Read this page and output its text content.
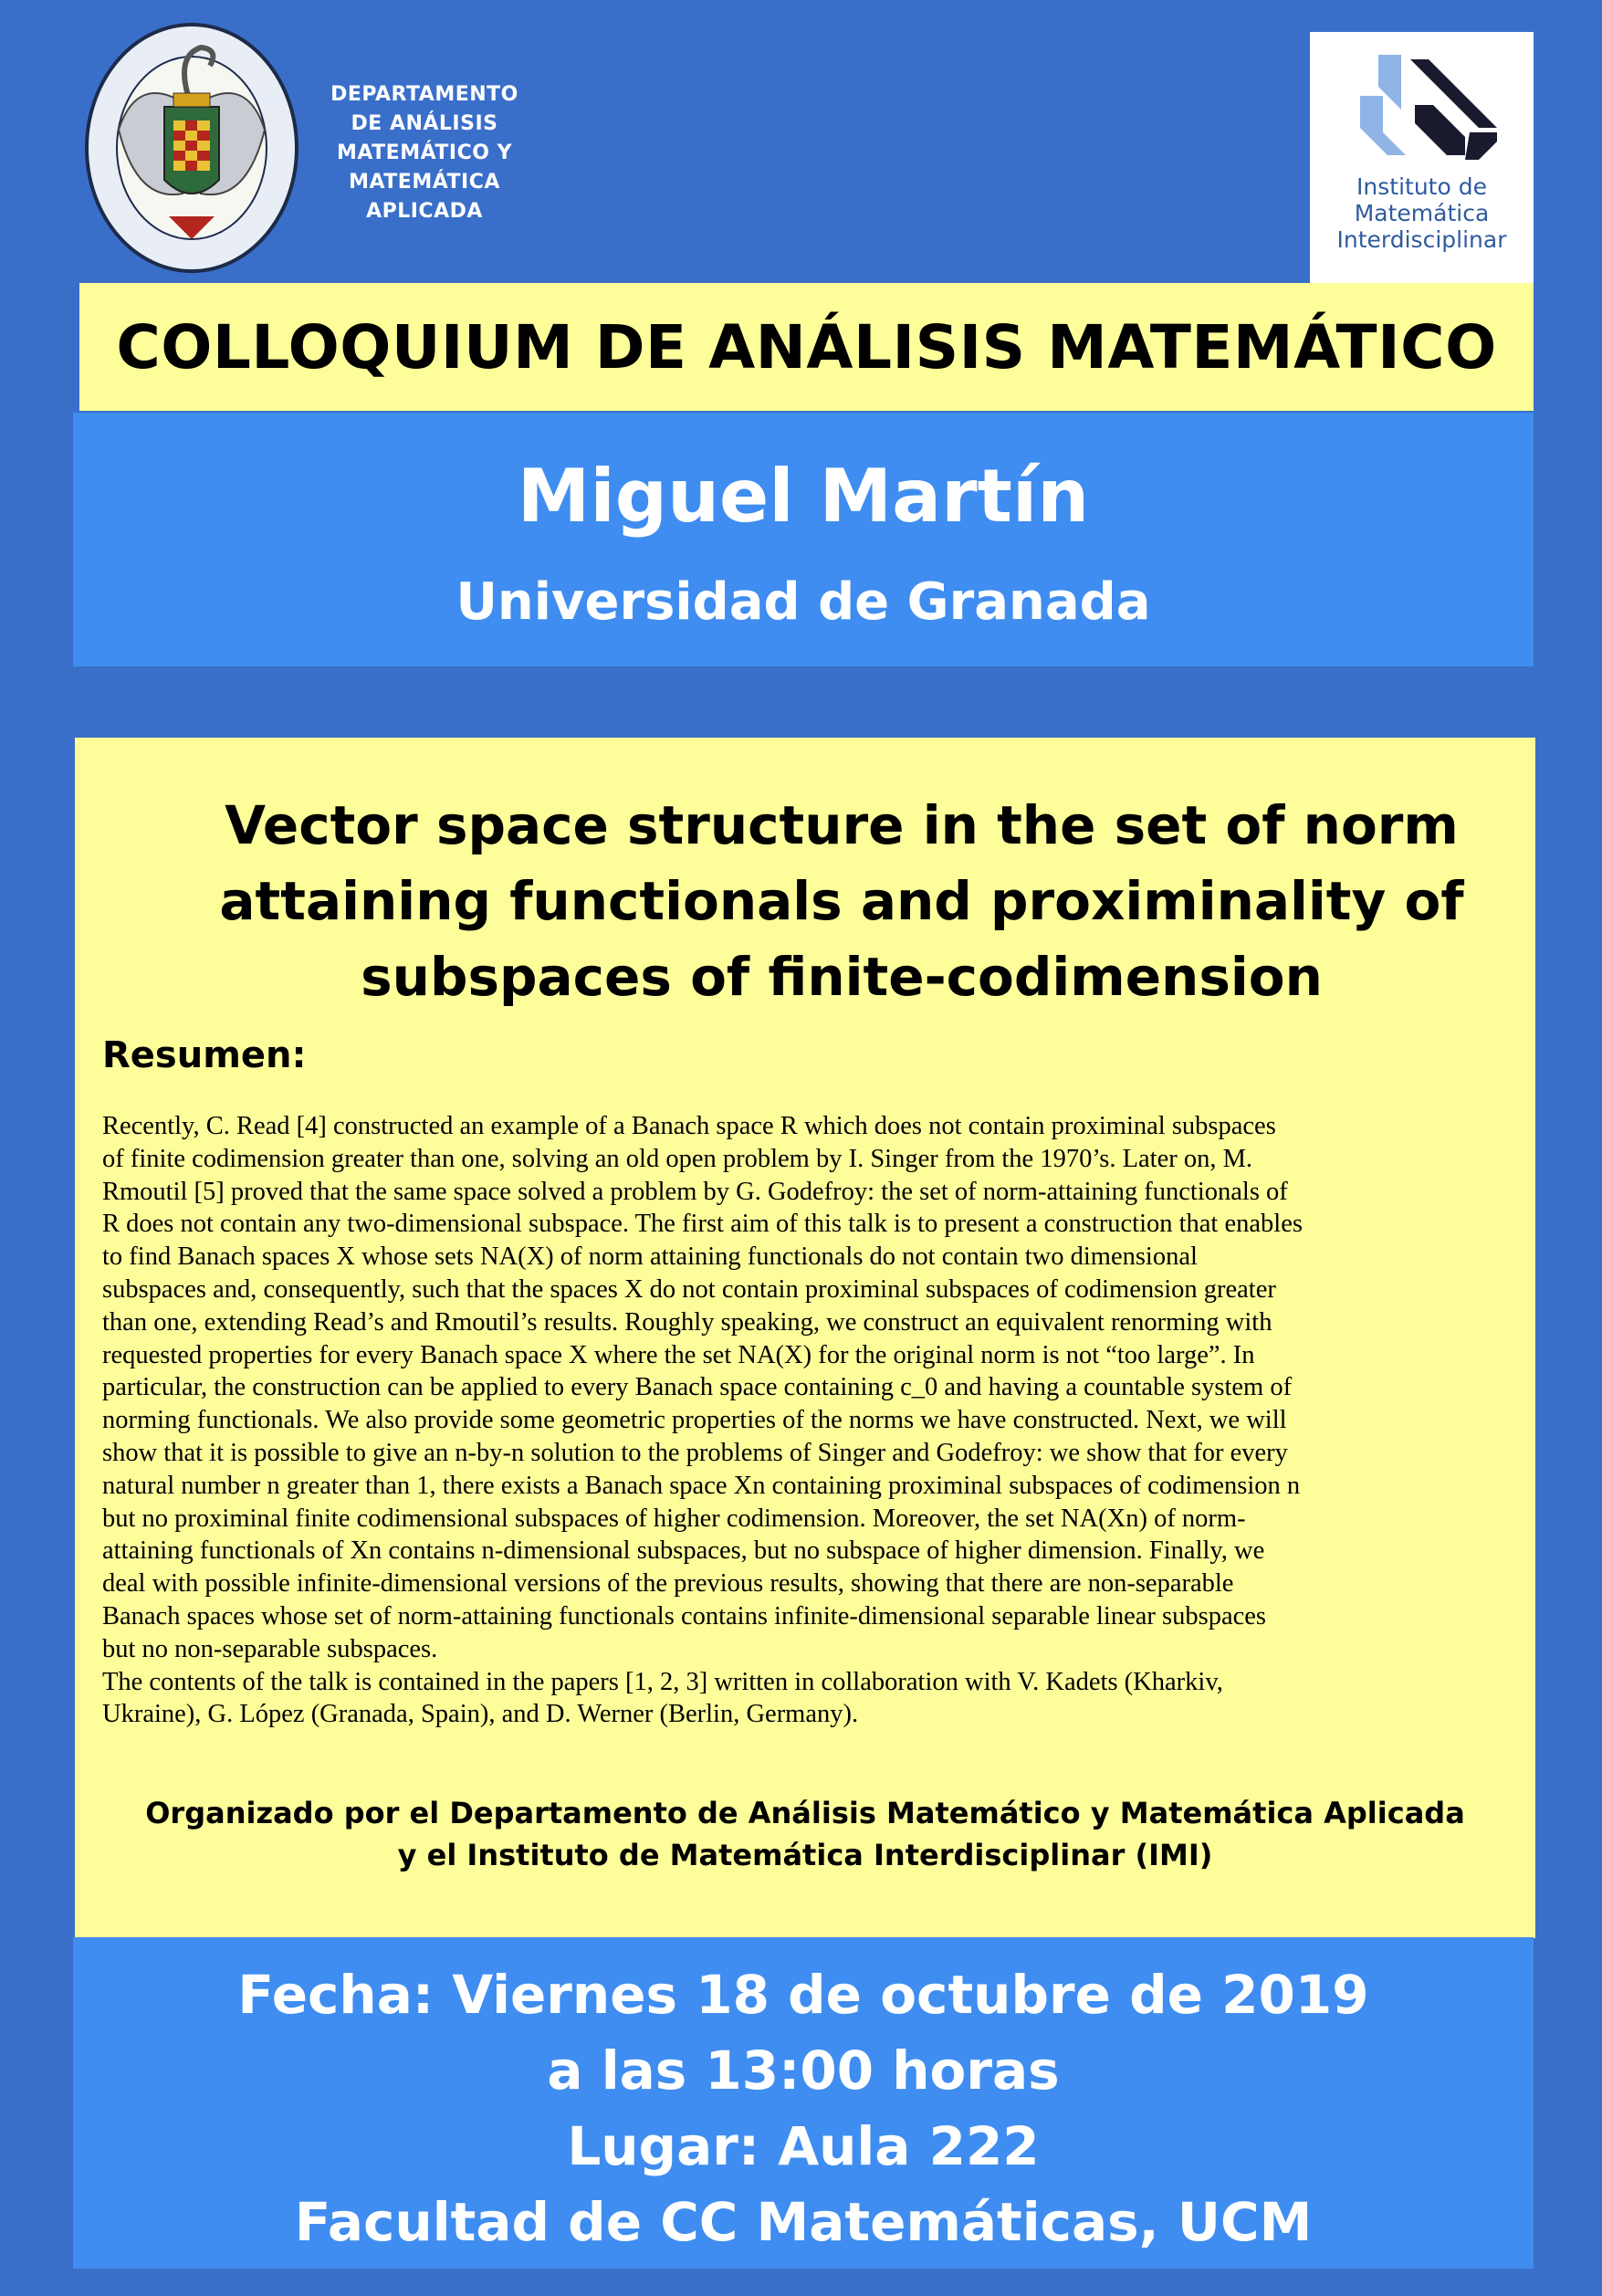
DEPARTAMENTO
DE ANÁLISIS
MATEMÁTICO Y
MATEMÁTICA
APLICADA
Instituto de
Matemática
Interdisciplinar
COLLOQUIUM DE ANÁLISIS MATEMÁTICO
Miguel Martín
Universidad de Granada
Vector space structure in the set of norm
attaining functionals and proximinality of
subspaces of finite-codimension
Resumen:
Recently, C. Read [4] constructed an example of a Banach space R which does not contain proximinal subspaces
of finite codimension greater than one, solving an old open problem by I. Singer from the 1970’s. Later on, M.
Rmoutil [5] proved that the same space solved a problem by G. Godefroy: the set of norm-attaining functionals of
R does not contain any two-dimensional subspace. The first aim of this talk is to present a construction that enables
to find Banach spaces X whose sets NA(X) of norm attaining functionals do not contain two dimensional
subspaces and, consequently, such that the spaces X do not contain proximinal subspaces of codimension greater
than one, extending Read’s and Rmoutil’s results. Roughly speaking, we construct an equivalent renorming with
requested properties for every Banach space X where the set NA(X) for the original norm is not “too large”. In
particular, the construction can be applied to every Banach space containing c_0 and having a countable system of
norming functionals. We also provide some geometric properties of the norms we have constructed. Next, we will
show that it is possible to give an n-by-n solution to the problems of Singer and Godefroy: we show that for every
natural number n greater than 1, there exists a Banach space Xn containing proximinal subspaces of codimension n
but no proximinal finite codimensional subspaces of higher codimension. Moreover, the set NA(Xn) of norm-
attaining functionals of Xn contains n-dimensional subspaces, but no subspace of higher dimension. Finally, we
deal with possible infinite-dimensional versions of the previous results, showing that there are non-separable
Banach spaces whose set of norm-attaining functionals contains infinite-dimensional separable linear subspaces
but no non-separable subspaces.
The contents of the talk is contained in the papers [1, 2, 3] written in collaboration with V. Kadets (Kharkiv,
Ukraine), G. López (Granada, Spain), and D. Werner (Berlin, Germany).
Organizado por el Departamento de Análisis Matemático y Matemática Aplicada
y el Instituto de Matemática Interdisciplinar (IMI)
Fecha: Viernes 18 de octubre de 2019
a las 13:00 horas
Lugar: Aula 222
Facultad de CC Matemáticas, UCM
